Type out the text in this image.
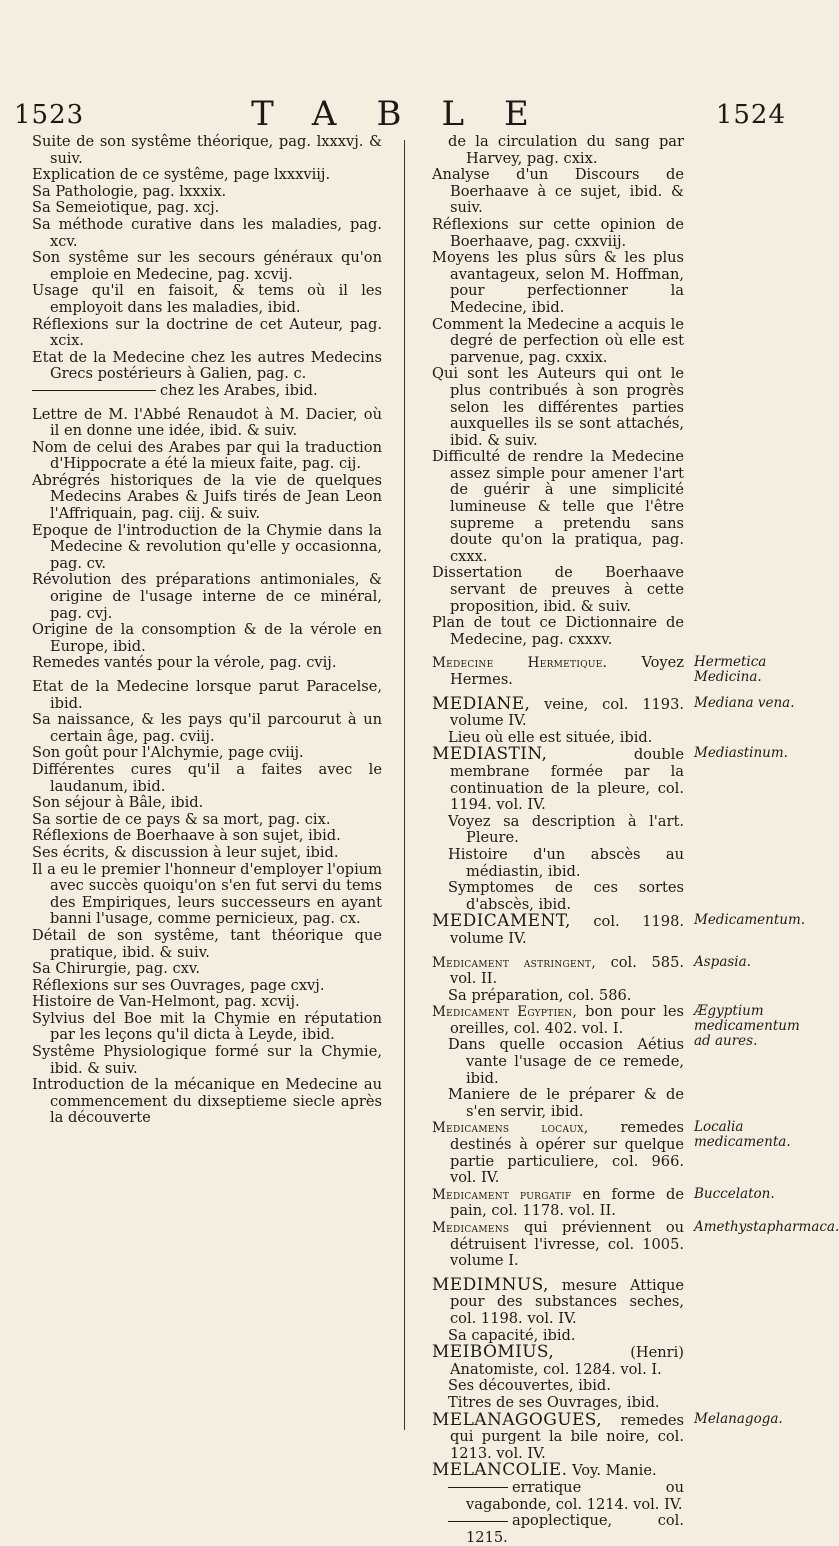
1523	TABLE	1524
Suite de son systême théorique, pag. lxxxvj. & suiv.
Explication de ce systême, page lxxxviij.
Sa Pathologie, pag. lxxxix.
Sa Semeiotique, pag. xcj.
Sa méthode curative dans les maladies, pag. xcv.
Son systême sur les secours généraux qu'on emploie en Medecine, pag. xcvij.
Usage qu'il en faisoit, & tems où il les employoit dans les maladies, ibid.
Réflexions sur la doctrine de cet Auteur, pag. xcix.
Etat de la Medecine chez les autres Medecins Grecs postérieurs à Galien, pag. c.
chez les Arabes, ibid.
Lettre de M. l'Abbé Renaudot à M. Dacier, où il en donne une idée, ibid. & suiv.
Nom de celui des Arabes par qui la traduction d'Hippocrate a été la mieux faite, pag. cij.
Abrégrés historiques de la vie de quelques Medecins Arabes & Juifs tirés de Jean Leon l'Affriquain, pag. ciij. & suiv.
Epoque de l'introduction de la Chymie dans la Medecine & revolution qu'elle y occasionna, pag. cv.
Révolution des préparations antimoniales, & origine de l'usage interne de ce minéral, pag. cvj.
Origine de la consomption & de la vérole en Europe, ibid.
Remedes vantés pour la vérole, pag. cvij.
Etat de la Medecine lorsque parut Paracelse, ibid.
Sa naissance, & les pays qu'il parcourut à un certain âge, pag. cviij.
Son goût pour l'Alchymie, page cviij.
Différentes cures qu'il a faites avec le laudanum, ibid.
Son séjour à Bâle, ibid.
Sa sortie de ce pays & sa mort, pag. cix.
Réflexions de Boerhaave à son sujet, ibid.
Ses écrits, & discussion à leur sujet, ibid.
Il a eu le premier l'honneur d'employer l'opium avec succès quoiqu'on s'en fut servi du tems des Empiriques, leurs successeurs en ayant banni l'usage, comme pernicieux, pag. cx.
Détail de son systême, tant théorique que pratique, ibid. & suiv.
Sa Chirurgie, pag. cxv.
Réflexions sur ses Ouvrages, page cxvj.
Histoire de Van-Helmont, pag. xcvij.
Sylvius del Boe mit la Chymie en réputation par les leçons qu'il dicta à Leyde, ibid.
Systême Physiologique formé sur la Chymie, ibid. & suiv.
Introduction de la mécanique en Medecine au commencement du dixseptieme siecle après la découverte
de la circulation du sang par Harvey, pag. cxix.
Analyse d'un Discours de Boerhaave à ce sujet, ibid. & suiv.
Réflexions sur cette opinion de Boerhaave, pag. cxxviij.
Moyens les plus sûrs & les plus avantageux, selon M. Hoffman, pour perfectionner la Medecine, ibid.
Comment la Medecine a acquis le degré de perfection où elle est parvenue, pag. cxxix.
Qui sont les Auteurs qui ont le plus contribués à son progrès selon les différentes parties auxquelles ils se sont attachés, ibid. & suiv.
Difficulté de rendre la Medecine assez simple pour amener l'art de guérir à une simplicité lumineuse & telle que l'être supreme a pretendu sans doute qu'on la pratiqua, pag. cxxx.
Dissertation de Boerhaave servant de preuves à cette proposition, ibid. & suiv.
Plan de tout ce Dictionnaire de Medecine, pag. cxxxv.
Medecine Hermetique. Voyez Hermes.
Hermetica Medicina.
MEDIANE, veine, col. 1193. volume IV.
Mediana vena.
Lieu où elle est située, ibid.
MEDIASTIN,	double membrane formée par la continuation de la pleure, col. 1194. vol. IV.
Mediastinum.
Voyez sa description à l'art. Pleure.
Histoire d'un abscès au médiastin, ibid.
Symptomes de ces sortes d'abscès, ibid.
MEDICAMENT, col. 1198. volume IV.
Medicamentum.
Medicament astringent, col. 585. vol. II.
Aspasia.
Sa préparation, col. 586.
Medicament Egyptien, bon pour les oreilles, col. 402. vol. I.
Ægyptium medicamentum ad aures.
Dans quelle occasion Aétius vante l'usage de ce remede, ibid.
Maniere de le préparer & de s'en servir, ibid.
Medicamens locaux, remedes destinés à opérer sur quelque partie particuliere, col. 966. vol. IV.
Localia medicamenta.
Medicament purgatif en forme de pain, col. 1178. vol. II.
Buccelaton.
Medicamens qui préviennent ou détruisent l'ivresse, col. 1005. volume I.
Amethystapharmaca.
MEDIMNUS, mesure Attique pour des substances seches, col. 1198. vol. IV.
Sa capacité, ibid.
MEIBOMIUS,	(Henri) Anatomiste, col. 1284. vol. I.
Ses découvertes, ibid.
Titres de ses Ouvrages, ibid.
MELANAGOGUES, remedes qui purgent la bile noire, col. 1213. vol. IV.
Melanagoga.
MELANCOLIE. Voy. Manie.
erratique ou vagabonde, col. 1214. vol. IV.
apoplectique, col. 1215.
